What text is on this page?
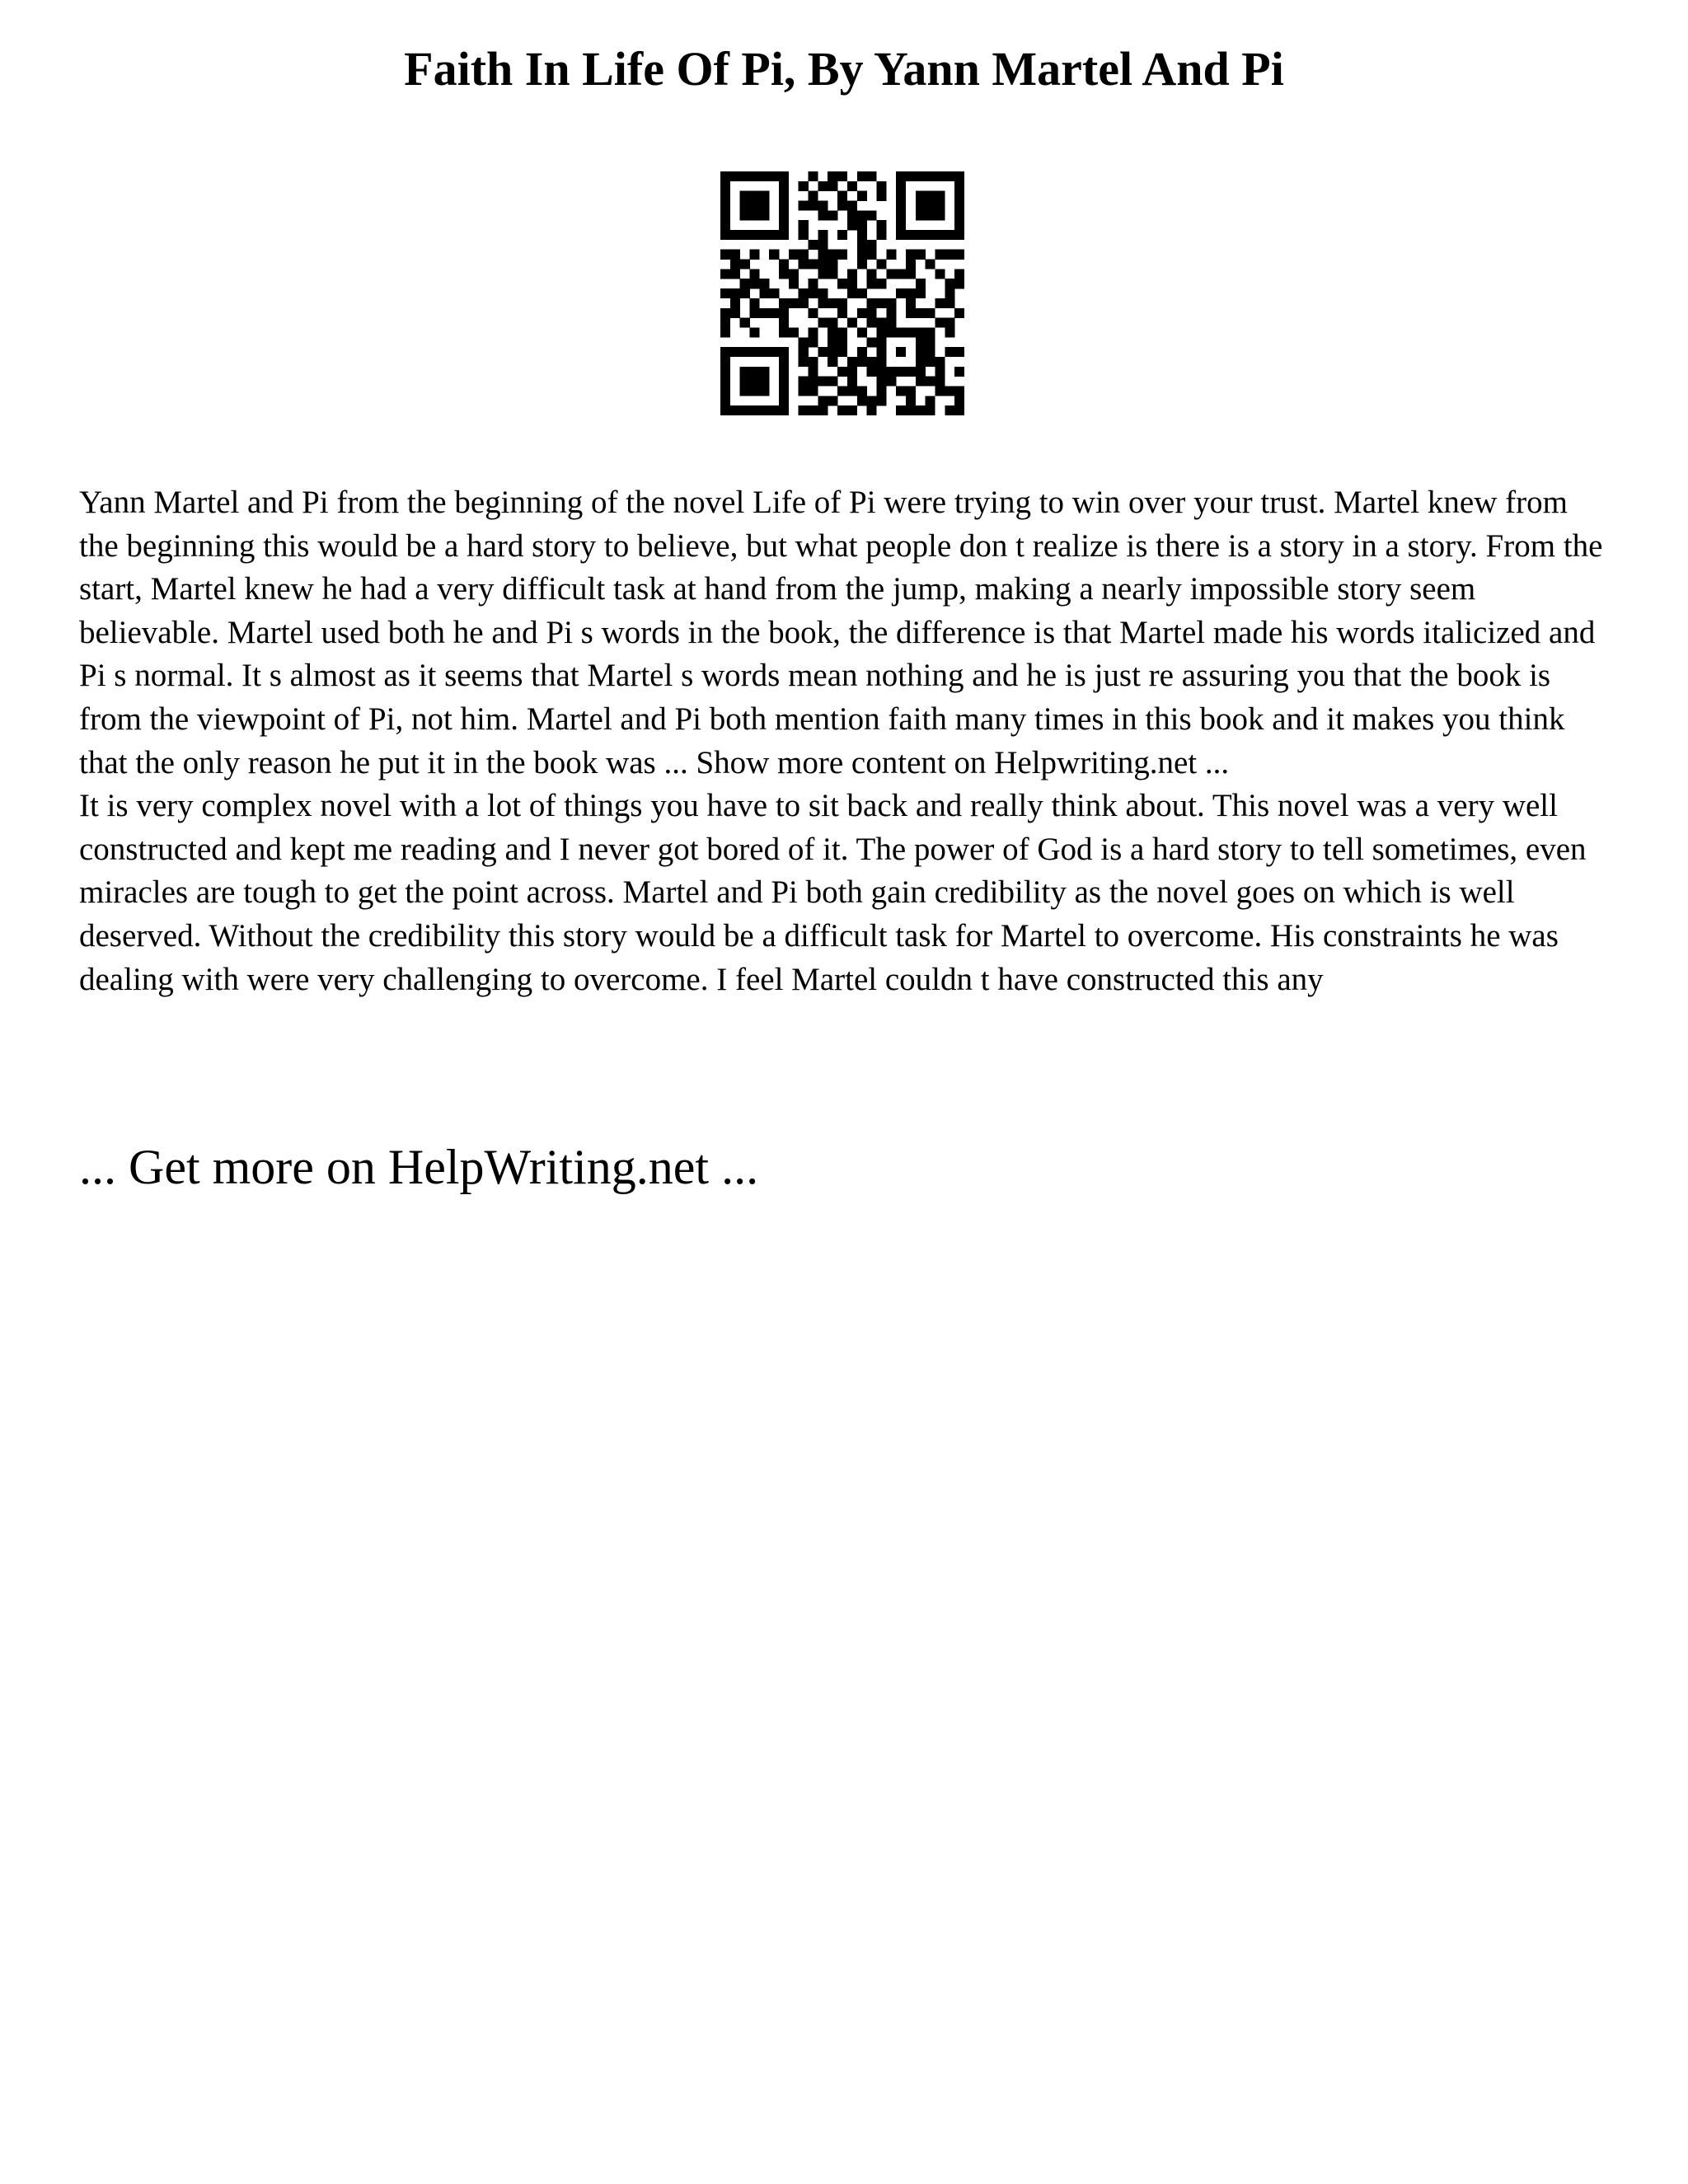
Faith In Life Of Pi, By Yann Martel And Pi

Yann Martel and Pi from the beginning of the novel Life of Pi were trying to win over your trust. Martel knew from the beginning this would be a hard story to believe, but what people don t realize is there is a story in a story. From the start, Martel knew he had a very difficult task at hand from the jump, making a nearly impossible story seem believable. Martel used both he and Pi s words in the book, the difference is that Martel made his words italicized and Pi s normal. It s almost as it seems that Martel s words mean nothing and he is just re assuring you that the book is from the viewpoint of Pi, not him. Martel and Pi both mention faith many times in this book and it makes you think that the only reason he put it in the book was ... Show more content on Helpwriting.net ...

It is very complex novel with a lot of things you have to sit back and really think about. This novel was a very well constructed and kept me reading and I never got bored of it. The power of God is a hard story to tell sometimes, even miracles are tough to get the point across. Martel and Pi both gain credibility as the novel goes on which is well deserved. Without the credibility this story would be a difficult task for Martel to overcome. His constraints he was dealing with were very challenging to overcome. I feel Martel couldn t have constructed this any

... Get more on HelpWriting.net ...
